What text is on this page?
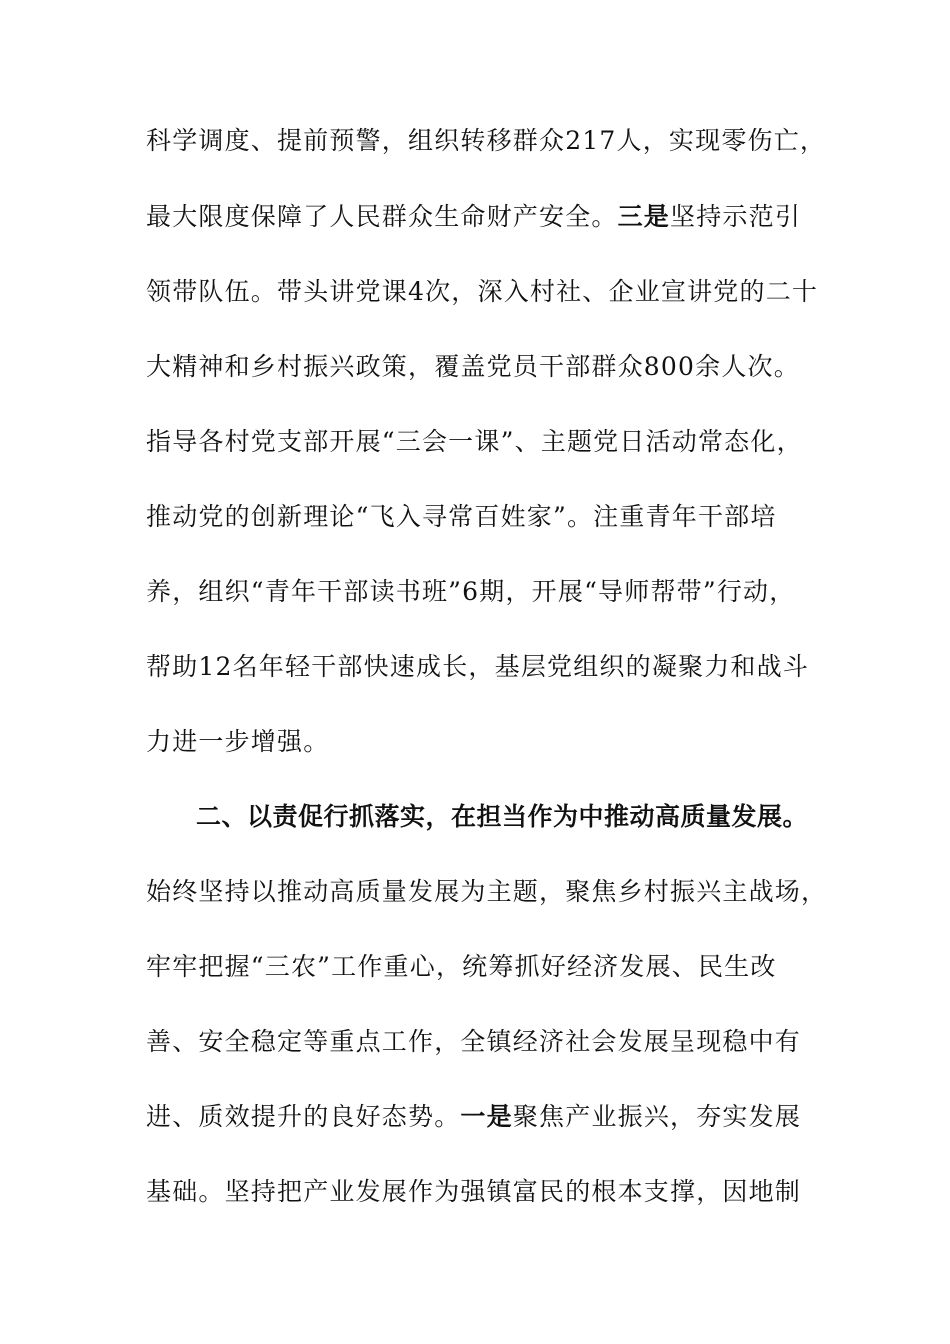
科学调度、提前预警，组织转移群众217人，实现零伤亡，
最大限度保障了人民群众生命财产安全。三是坚持示范引
领带队伍。带头讲党课4次，深入村社、企业宣讲党的二十
大精神和乡村振兴政策，覆盖党员干部群众800余人次。
指导各村党支部开展“三会一课”、主题党日活动常态化，
推动党的创新理论“飞入寻常百姓家”。注重青年干部培
养，组织“青年干部读书班”6期，开展“导师帮带”行动，
帮助12名年轻干部快速成长，基层党组织的凝聚力和战斗
力进一步增强。
二、以责促行抓落实，在担当作为中推动高质量发展。
始终坚持以推动高质量发展为主题，聚焦乡村振兴主战场，
牢牢把握“三农”工作重心，统筹抓好经济发展、民生改
善、安全稳定等重点工作，全镇经济社会发展呈现稳中有
进、质效提升的良好态势。一是聚焦产业振兴，夯实发展
基础。坚持把产业发展作为强镇富民的根本支撑，因地制
